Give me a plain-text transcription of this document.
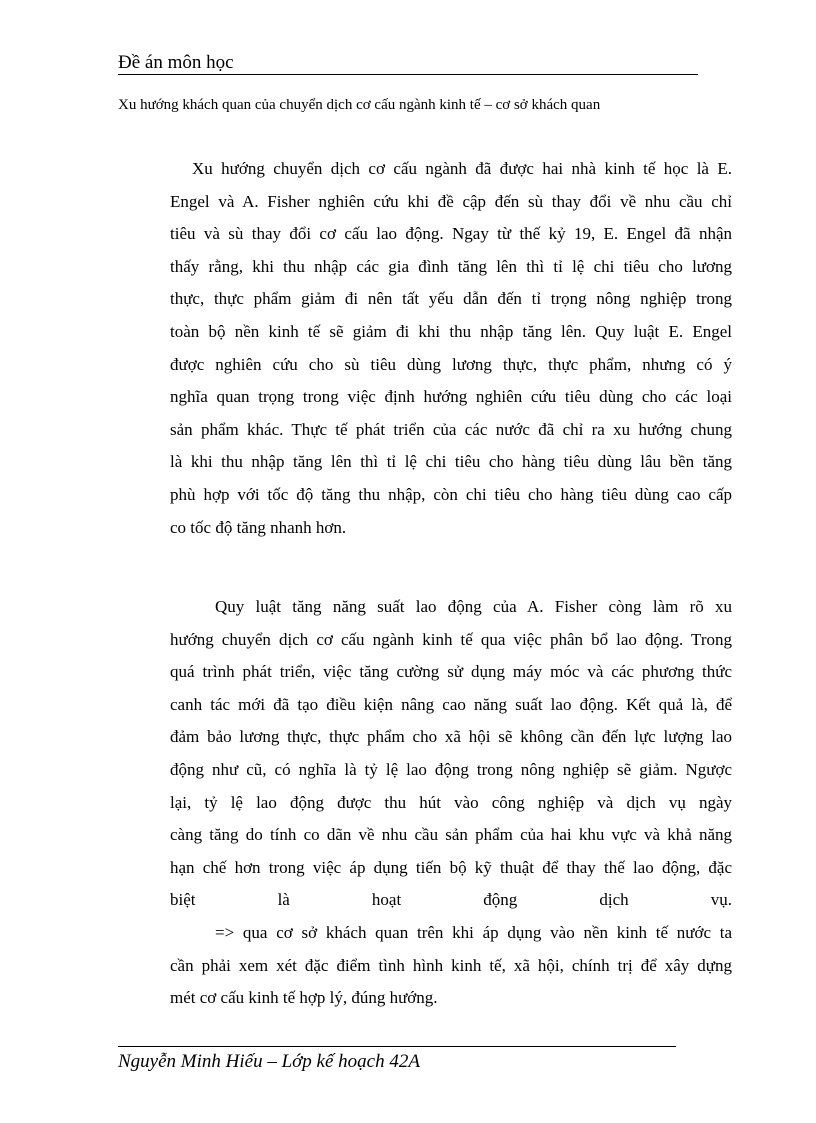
Đề án môn học
Xu hướng khách quan của chuyển dịch cơ cấu ngành kinh tế – cơ sở khách quan
Xu hướng chuyển dịch cơ cấu ngành đã được hai nhà kinh tế học là E.
Engel và A. Fisher nghiên cứu khi đề cập đến sù thay đổi về nhu cầu chỉ
tiêu và sù thay đổi cơ cấu lao động. Ngay từ thế kỷ 19, E. Engel đã nhận
thấy rằng, khi thu nhập các gia đình tăng lên thì tỉ lệ chi tiêu cho lương
thực, thực phẩm giảm đi nên tất yếu dẫn đến tỉ trọng nông nghiệp trong
toàn bộ nền kinh tế sẽ giảm đi khi thu nhập tăng lên. Quy luật E. Engel
được nghiên cứu cho sù tiêu dùng lương thực, thực phẩm, nhưng có ý
nghĩa quan trọng trong việc định hướng nghiên cứu tiêu dùng cho các loại
sản phẩm khác. Thực tế phát triển của các nước đã chỉ ra xu hướng chung
là khi thu nhập tăng lên thì tỉ lệ chi tiêu cho hàng tiêu dùng lâu bền tăng
phù hợp với tốc độ tăng thu nhập, còn chi tiêu cho hàng tiêu dùng cao cấp
co tốc độ tăng nhanh hơn.
Quy luật tăng năng suất lao động của A. Fisher còng làm rõ xu
hướng chuyển dịch cơ cấu ngành kinh tế qua việc phân bổ lao động. Trong
quá trình phát triển, việc tăng cường sử dụng máy móc và các phương thức
canh tác mới đã tạo điều kiện nâng cao năng suất lao động. Kết quả là, để
đảm bảo lương thực, thực phẩm cho xã hội sẽ không cần đến lực lượng lao
động như cũ, có nghĩa là tỷ lệ lao động trong nông nghiệp sẽ giảm. Ngược
lại, tỷ lệ lao động được thu hút vào công nghiệp và dịch vụ ngày
càng tăng do tính co dãn về nhu cầu sản phẩm của hai khu vực và khả năng
hạn chế hơn trong việc áp dụng tiến bộ kỹ thuật để thay thế lao động, đặc
biệt là hoạt động dịch vụ.
=> qua cơ sở khách quan trên khi áp dụng vào nền kinh tế nước ta
cần phải xem xét đặc điểm tình hình kinh tế, xã hội, chính trị để xây dựng
mét cơ cấu kinh tế hợp lý, đúng hướng.
Nguyễn Minh Hiếu – Lớp kế hoạch 42A
